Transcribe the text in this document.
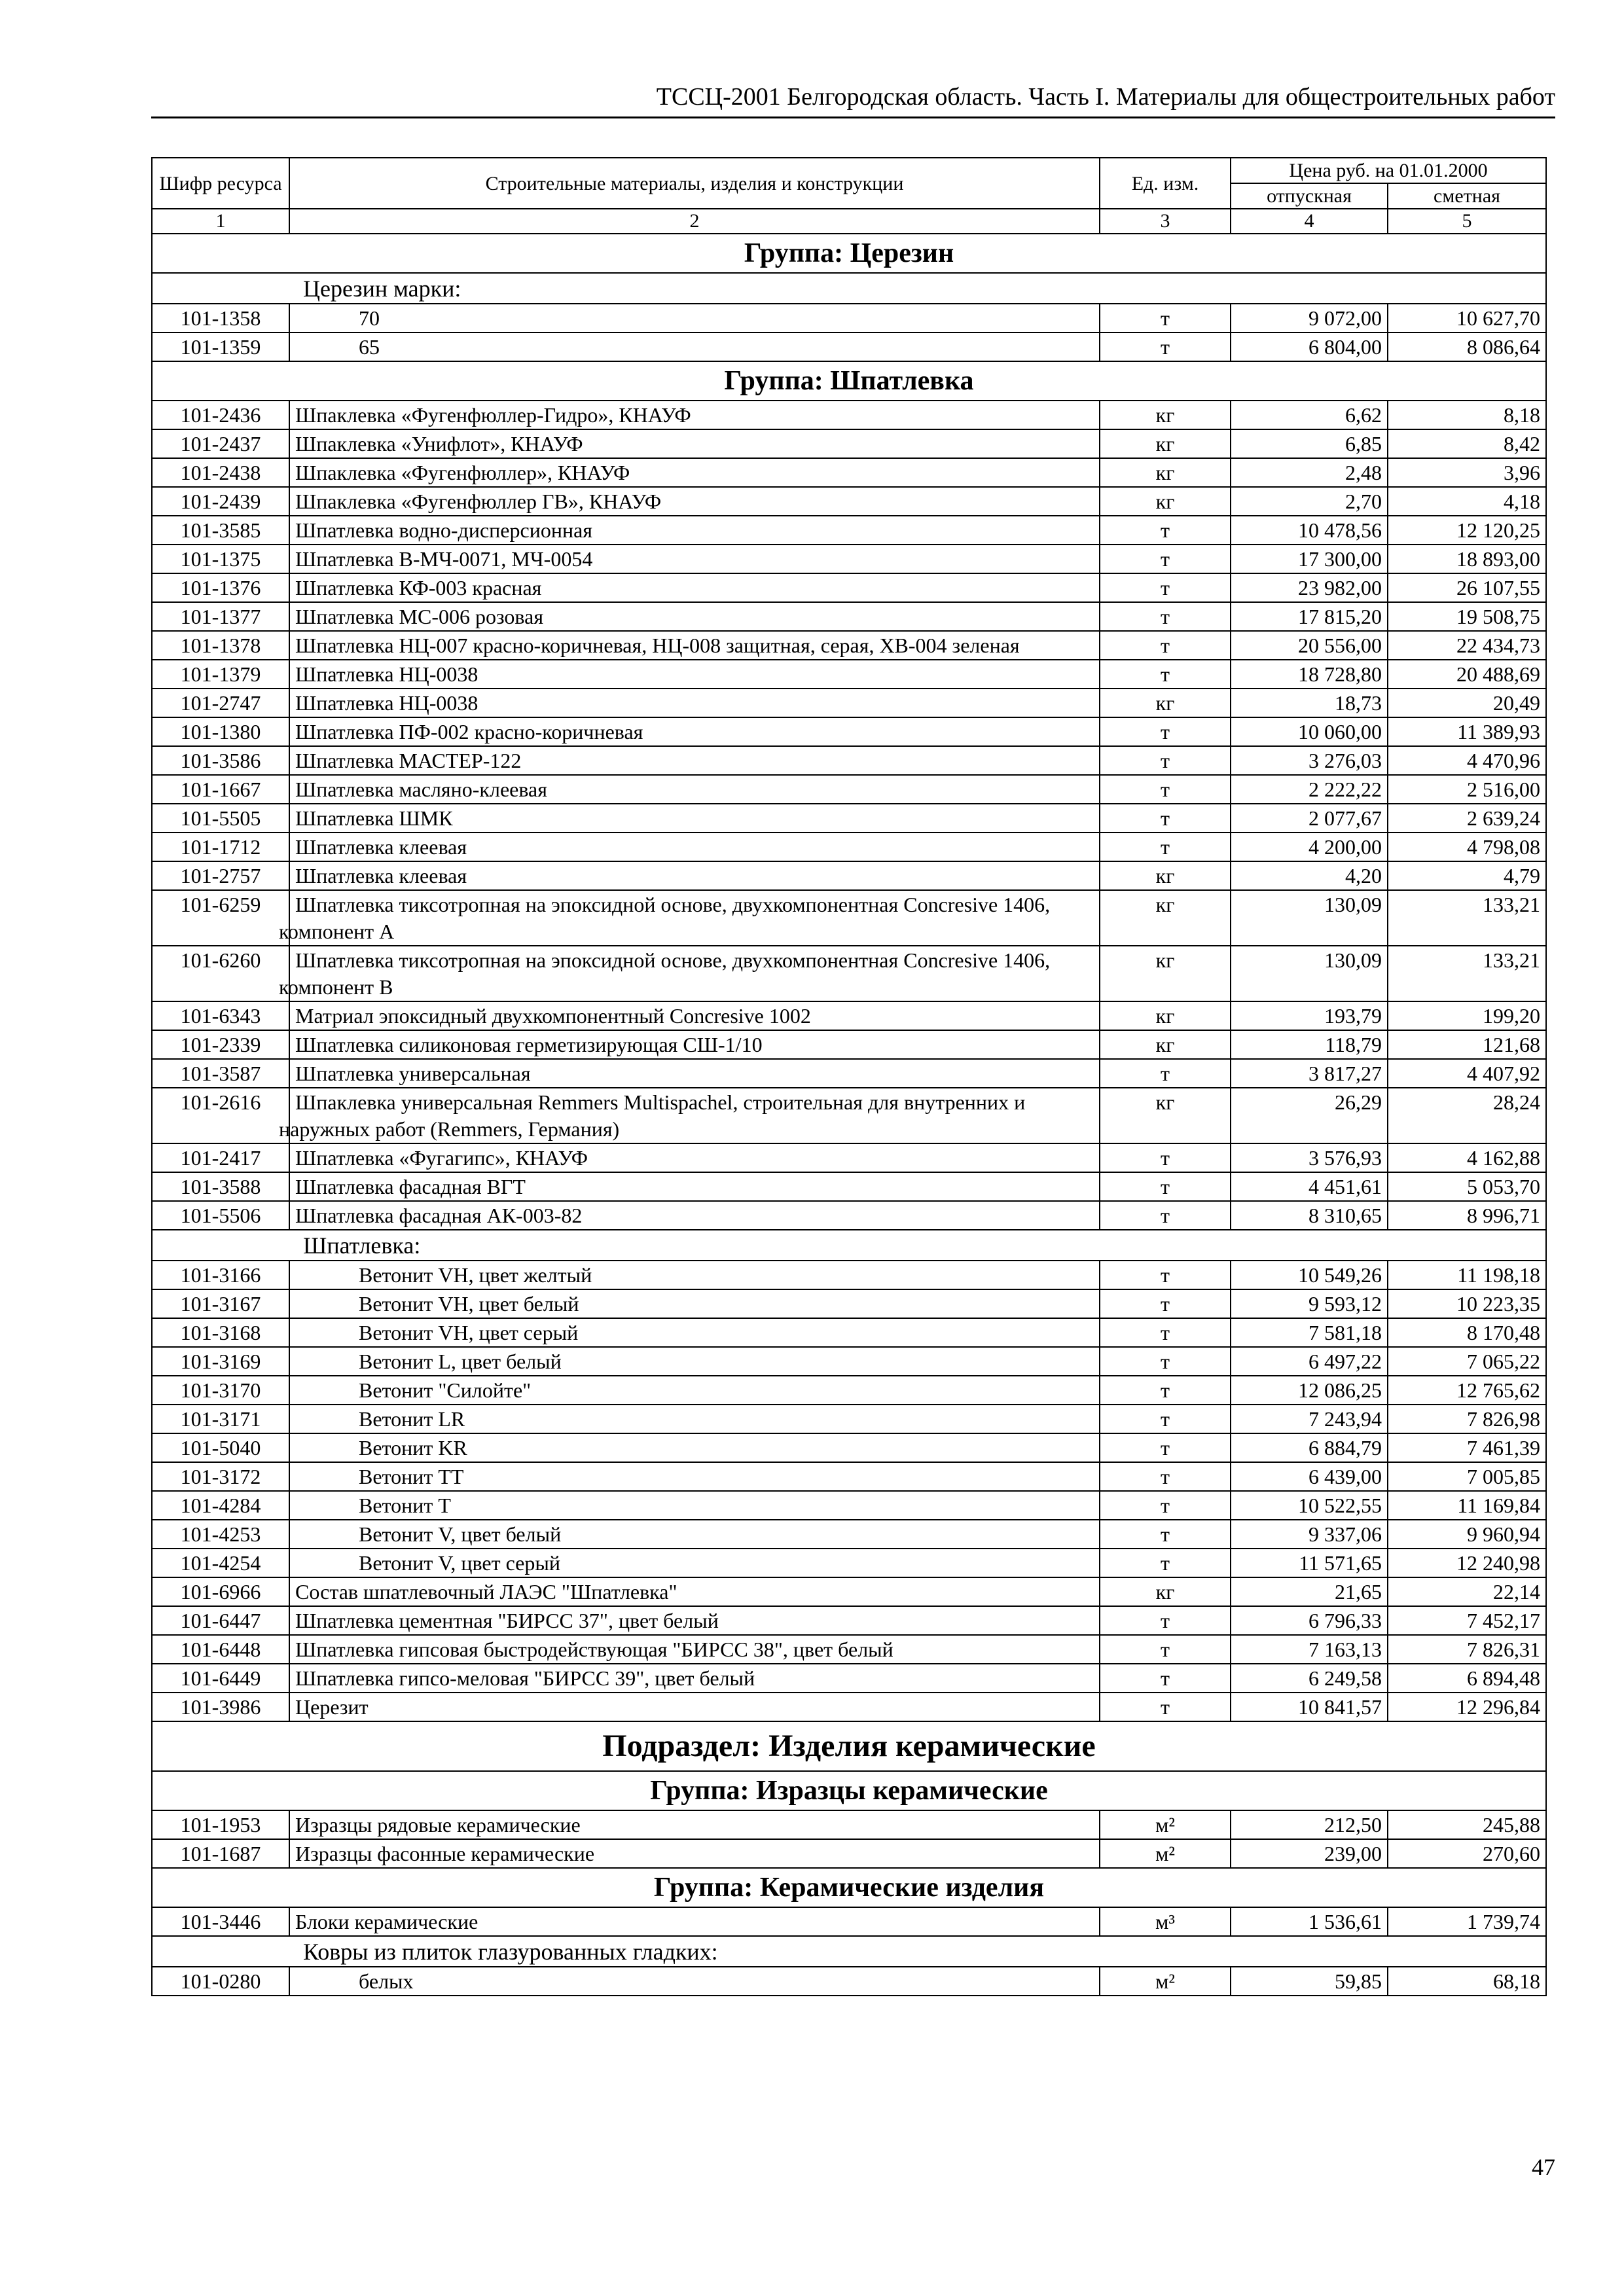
ТССЦ-2001 Белгородская область. Часть I. Материалы для общестроительных работ
Шифр ресурса	Строительные материалы, изделия и конструкции	Ед. изм.	Цена руб. на 01.01.2000	
			отпускная	сметная
1	2	3	4	5
Группа: Церезин				
Церезин марки:				
101-1358	70	т	9 072,00	10 627,70
101-1359	65	т	6 804,00	8 086,64
Группа: Шпатлевка				
101-2436	Шпаклевка «Фугенфюллер-Гидро», КНАУФ	кг	6,62	8,18
101-2437	Шпаклевка «Унифлот», КНАУФ	кг	6,85	8,42
101-2438	Шпаклевка «Фугенфюллер», КНАУФ	кг	2,48	3,96
101-2439	Шпаклевка «Фугенфюллер ГВ», КНАУФ	кг	2,70	4,18
101-3585	Шпатлевка водно-дисперсионная	т	10 478,56	12 120,25
101-1375	Шпатлевка В-МЧ-0071, МЧ-0054	т	17 300,00	18 893,00
101-1376	Шпатлевка КФ-003 красная	т	23 982,00	26 107,55
101-1377	Шпатлевка МС-006 розовая	т	17 815,20	19 508,75
101-1378	Шпатлевка НЦ-007 красно-коричневая, НЦ-008 защитная, серая, ХВ-004 зеленая	т	20 556,00	22 434,73
101-1379	Шпатлевка НЦ-0038	т	18 728,80	20 488,69
101-2747	Шпатлевка НЦ-0038	кг	18,73	20,49
101-1380	Шпатлевка ПФ-002 красно-коричневая	т	10 060,00	11 389,93
101-3586	Шпатлевка МАСТЕР-122	т	3 276,03	4 470,96
101-1667	Шпатлевка масляно-клеевая	т	2 222,22	2 516,00
101-5505	Шпатлевка ШМК	т	2 077,67	2 639,24
101-1712	Шпатлевка клеевая	т	4 200,00	4 798,08
101-2757	Шпатлевка клеевая	кг	4,20	4,79
101-6259	Шпатлевка тиксотропная на эпоксидной основе, двухкомпонентная Concresive 1406, компонент А	кг	130,09	133,21
101-6260	Шпатлевка тиксотропная на эпоксидной основе, двухкомпонентная Concresive 1406, компонент В	кг	130,09	133,21
101-6343	Матриал эпоксидный двухкомпонентный Concresive 1002	кг	193,79	199,20
101-2339	Шпатлевка силиконовая герметизирующая СШ-1/10	кг	118,79	121,68
101-3587	Шпатлевка универсальная	т	3 817,27	4 407,92
101-2616	Шпаклевка универсальная Remmers Multispachel, строительная для внутренних и наружных работ (Remmers, Германия)	кг	26,29	28,24
101-2417	Шпатлевка «Фугагипс», КНАУФ	т	3 576,93	4 162,88
101-3588	Шпатлевка фасадная ВГТ	т	4 451,61	5 053,70
101-5506	Шпатлевка фасадная АК-003-82	т	8 310,65	8 996,71
Шпатлевка:				
101-3166	Ветонит VH, цвет желтый	т	10 549,26	11 198,18
101-3167	Ветонит VH, цвет белый	т	9 593,12	10 223,35
101-3168	Ветонит VH, цвет серый	т	7 581,18	8 170,48
101-3169	Ветонит L, цвет белый	т	6 497,22	7 065,22
101-3170	Ветонит "Силойте"	т	12 086,25	12 765,62
101-3171	Ветонит LR	т	7 243,94	7 826,98
101-5040	Ветонит KR	т	6 884,79	7 461,39
101-3172	Ветонит ТТ	т	6 439,00	7 005,85
101-4284	Ветонит Т	т	10 522,55	11 169,84
101-4253	Ветонит V, цвет белый	т	9 337,06	9 960,94
101-4254	Ветонит V, цвет серый	т	11 571,65	12 240,98
101-6966	Состав шпатлевочный ЛАЭС "Шпатлевка"	кг	21,65	22,14
101-6447	Шпатлевка цементная "БИРСС 37", цвет белый	т	6 796,33	7 452,17
101-6448	Шпатлевка гипсовая быстродействующая "БИРСС 38", цвет белый	т	7 163,13	7 826,31
101-6449	Шпатлевка гипсо-меловая "БИРСС 39", цвет белый	т	6 249,58	6 894,48
101-3986	Церезит	т	10 841,57	12 296,84
Подраздел: Изделия керамические				
Группа: Изразцы керамические				
101-1953	Изразцы рядовые керамические	м²	212,50	245,88
101-1687	Изразцы фасонные керамические	м²	239,00	270,60
Группа: Керамические изделия				
101-3446	Блоки керамические	м³	1 536,61	1 739,74
Ковры из плиток глазурованных гладких:				
101-0280	белых	м²	59,85	68,18
47
